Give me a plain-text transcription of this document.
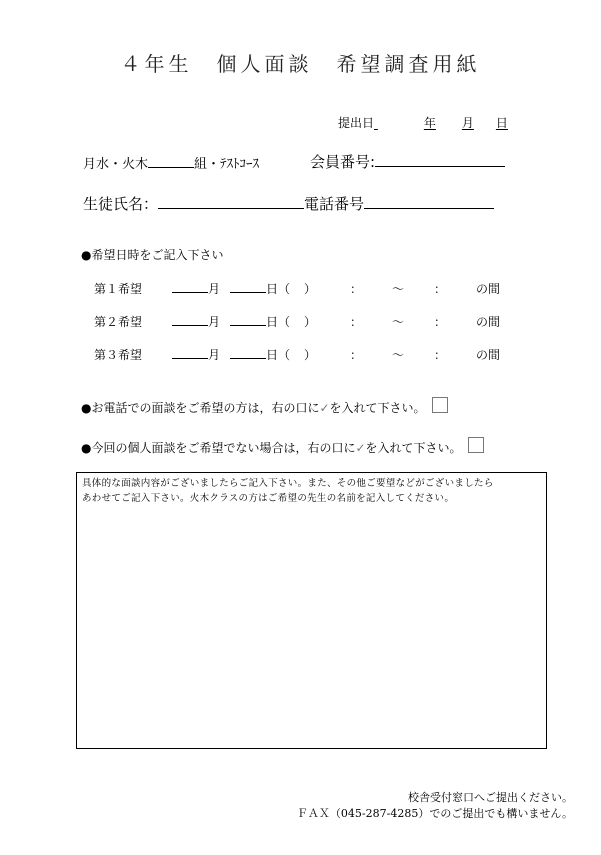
４年生　個人面談　希望調査用紙
提出日	年 月 日
月水・火木	組・ﾃｽﾄｺｰｽ	会員番号:
生徒氏名：	電話番号
●希望日時をご記入下さい
第１希望	月	日（ ）	：	～	：	の間
第２希望	月	日（ ）	：	～	：	の間
第３希望	月	日（ ）	：	～	：	の間
●お電話での面談をご希望の方は，右の口に✓を入れて下さい。
●今回の個人面談をご希望でない場合は，右の口に✓を入れて下さい。

具体的な面談内容がございましたらご記入下さい。また、その他ご要望などがございましたら

あわせてご記入下さい。火木クラスの方はご希望の先生の名前を記入してください。

校舎受付窓口へご提出ください。
ＦＡＸ（045-287-4285）でのご提出でも構いません。
